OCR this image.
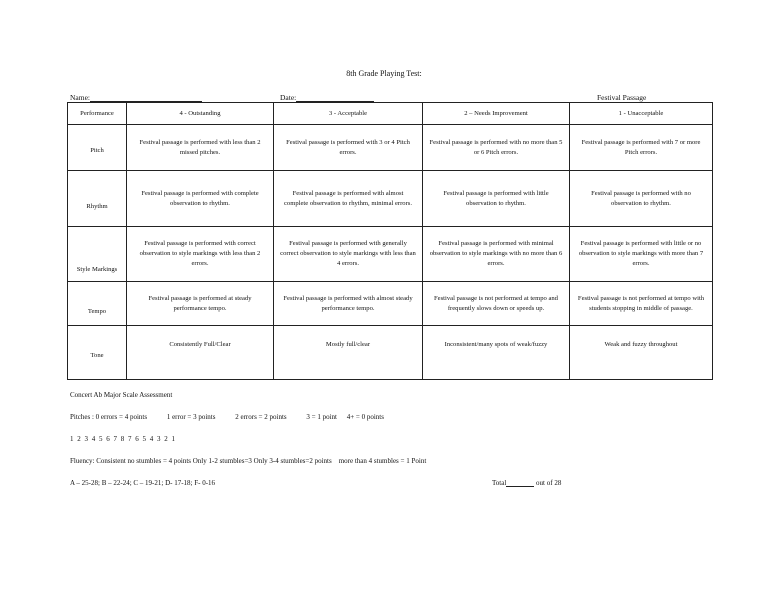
8th Grade Playing Test:
Name:	Date:	Festival Passage
Performance	4 - Outstanding	3 - Acceptable	2 – Needs Improvement	1 - Unacceptable
Pitch	Festival passage is performed with less than 2 missed pitches.	Festival passage is performed with 3 or 4 Pitch errors.	Festival passage is performed with no more than 5 or 6 Pitch errors.	Festival passage is performed with 7 or more Pitch errors.
Rhythm	Festival passage is performed with complete observation to rhythm.	Festival passage is performed with almost complete observation to rhythm, minimal errors.	Festival passage is performed with little observation to rhythm.	Festival passage is performed with no observation to rhythm.
Style Markings	Festival passage is performed with correct observation to style markings with less than 2 errors.	Festival passage is performed with generally correct observation to style markings with less than 4 errors.	Festival passage is performed with minimal observation to style markings with no more than 6 errors.	Festival passage is performed with little or no observation to style markings with more than 7 errors.
Tempo	Festival passage is performed at steady performance tempo.	Festival passage is performed with almost steady performance tempo.	Festival passage is not performed at tempo and frequently slows down or speeds up.	Festival passage is not performed at tempo with students stopping in middle of passage.
Tone	Consistently Full/Clear	Mostly full/clear	Inconsistent/many spots of weak/fuzzy	Weak and fuzzy throughout
Concert Ab Major Scale Assessment
Pitches : 0 errors = 4 points	1 error = 3 points	2 errors = 2 points	3 = 1 point 4+ = 0 points
1 2 3 4 5 6 7 8 7 6 5 4 3 2 1
Fluency: Consistent no stumbles = 4 points Only 1-2 stumbles=3 Only 3-4 stumbles=2 points    more than 4 stumbles = 1 Point
A – 25-28; B – 22-24; C – 19-21; D- 17-18; F- 0-16	Total	out of 28
